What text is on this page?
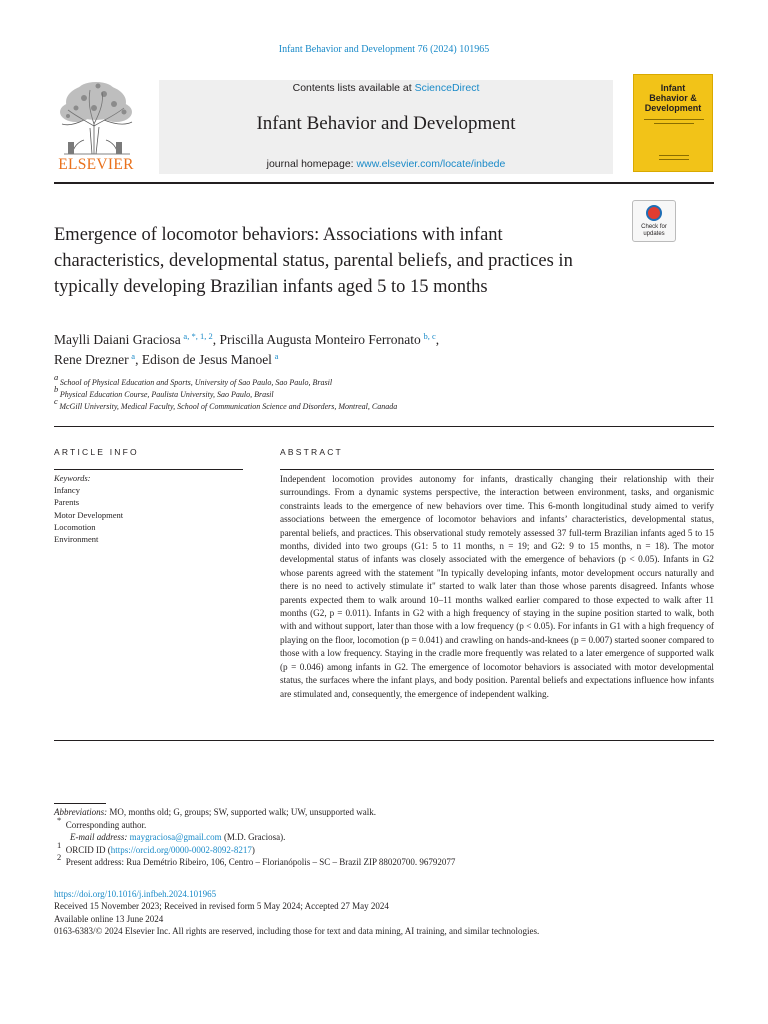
Infant Behavior and Development 76 (2024) 101965
ELSEVIER
Contents lists available at ScienceDirect
Infant Behavior and Development
journal homepage: www.elsevier.com/locate/inbede
Infant
Behavior &
Development
Emergence of locomotor behaviors: Associations with infant characteristics, developmental status, parental beliefs, and practices in typically developing Brazilian infants aged 5 to 15 months
Check for
updates
Maylli Daiani Graciosa  $^{a, *, 1, 2}$, Priscilla Augusta Monteiro Ferronato  $^{b, c}$,
Rene Drezner  $^a$, Edison de Jesus Manoel  $^a$
$^a$ School of Physical Education and Sports, University of Sao Paulo, Sao Paulo, Brasil
$^b$ Physical Education Course, Paulista University, Sao Paulo, Brasil
$^c$ McGill University, Medical Faculty, School of Communication Science and Disorders, Montreal, Canada
ARTICLE INFO	ABSTRACT
Keywords:
Infancy
Parents
Motor Development
Locomotion
Environment
Independent locomotion provides autonomy for infants, drastically changing their relationship with their surroundings. From a dynamic systems perspective, the interaction between environment, tasks, and organismic constraints leads to the emergence of new behaviors over time. This 6-month longitudinal study aimed to verify associations between the emergence of locomotor behaviors and infants’ characteristics, developmental status, parental beliefs, and practices. This observational study remotely assessed 37 full-term Brazilian infants aged 5 to 15 months, divided into two groups (G1: 5 to 11 months, n = 19; and G2: 9 to 15 months, n = 18). The motor developmental status of infants was closely associated with the emergence of behaviors (p < 0.05). Infants in G2 whose parents agreed with the statement "In typically developing infants, motor development occurs naturally and there is no need to actively stimulate it" started to walk later than those whose parents disagreed. Infants whose parents expected them to walk around 10–11 months walked earlier compared to those expected to walk after 11 months (G2, p = 0.011). Infants in G2 with a high frequency of staying in the supine position started to walk, both with and without support, later than those with a low frequency (p < 0.05). For infants in G1 with a high frequency of playing on the floor, locomotion (p = 0.041) and crawling on hands-and-knees (p = 0.007) started sooner compared to those with a low frequency. Staying in the cradle more frequently was related to a later emergence of supported walk (p = 0.046) among infants in G2. The emergence of locomotor behaviors is associated with motor developmental status, the surfaces where the infant plays, and body position. Parental beliefs and expectations influence how infants are stimulated and, consequently, the emergence of independent walking.
Abbreviations: MO, months old; G, groups; SW, supported walk; UW, unsupported walk.
*  Corresponding author.
E-mail address: maygraciosa@gmail.com (M.D. Graciosa).
$^1$  ORCID ID (https://orcid.org/0000-0002-8092-8217)
$^2$  Present address: Rua Demétrio Ribeiro, 106, Centro – Florianópolis – SC – Brazil ZIP 88020700. 96792077
https://doi.org/10.1016/j.infbeh.2024.101965
Received 15 November 2023; Received in revised form 5 May 2024; Accepted 27 May 2024
Available online 13 June 2024
0163-6383/© 2024 Elsevier Inc. All rights are reserved, including those for text and data mining, AI training, and similar technologies.
